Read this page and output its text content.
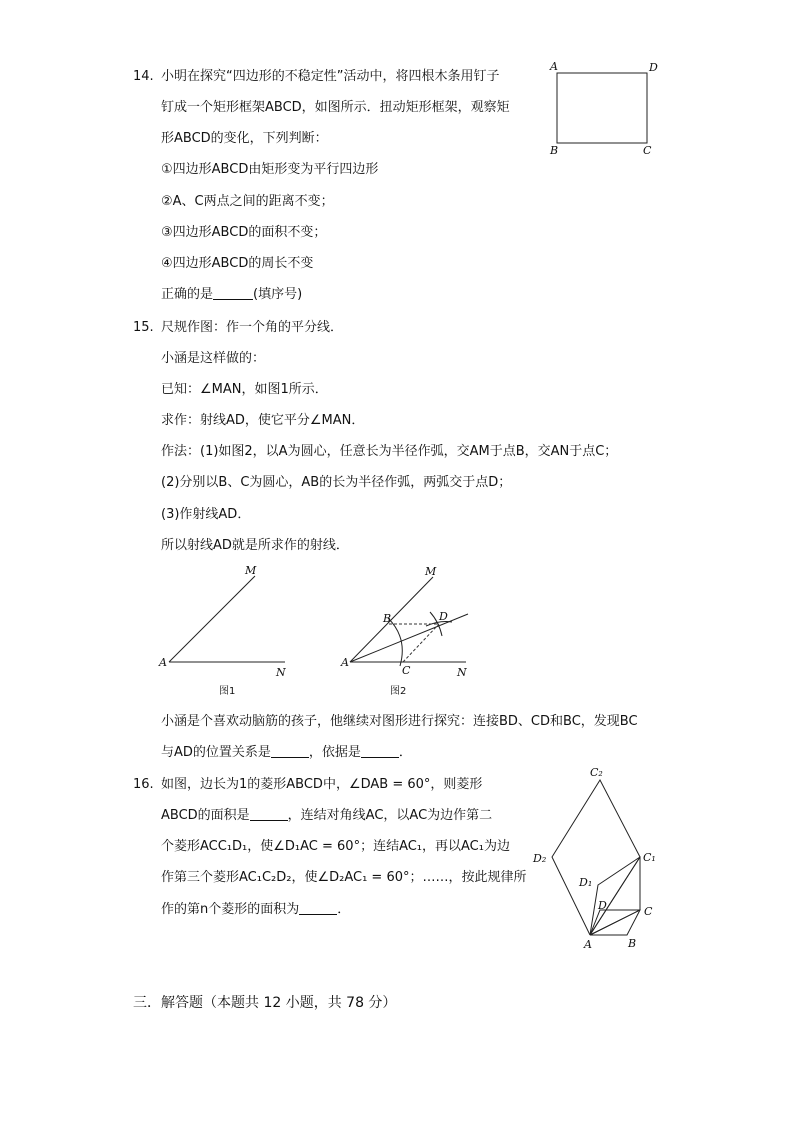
14. 小明在探究“四边形的不稳定性”活动中，将四根木条用钉子
钉成一个矩形框架ABCD，如图所示．扭动矩形框架，观察矩
形ABCD的变化，下列判断：
①四边形ABCD由矩形变为平行四边形
②A、C两点之间的距离不变；
③四边形ABCD的面积不变；
④四边形ABCD的周长不变
正确的是	(填序号)
A	D
B	C
15. 尺规作图：作一个角的平分线．
小涵是这样做的：
已知：∠MAN，如图1所示．
求作：射线AD，使它平分∠MAN．
作法：(1)如图2，以A为圆心，任意长为半径作弧，交AM于点B，交AN于点C；
(2)分别以B、C为圆心，AB的长为半径作弧，两弧交于点D；
(3)作射线AD．
所以射线AD就是所求作的射线．
M
A
N
图1
M
B	D
A
C	N
图2
小涵是个喜欢动脑筋的孩子，他继续对图形进行探究：连接BD、CD和BC，发现BC
与AD的位置关系是	，依据是	．
16. 如图，边长为1的菱形ABCD中，∠DAB = 60°，则菱形
ABCD的面积是	，连结对角线AC，以AC为边作第二
个菱形ACC₁D₁，使∠D₁AC = 60°；连结AC₁，再以AC₁为边
作第三个菱形AC₁C₂D₂，使∠D₂AC₁ = 60°；……，按此规律所
作的第n个菱形的面积为	．
C₂
D₂	C₁
D₁
D	C
A	B
三．解答题（本题共 12 小题，共 78 分）
